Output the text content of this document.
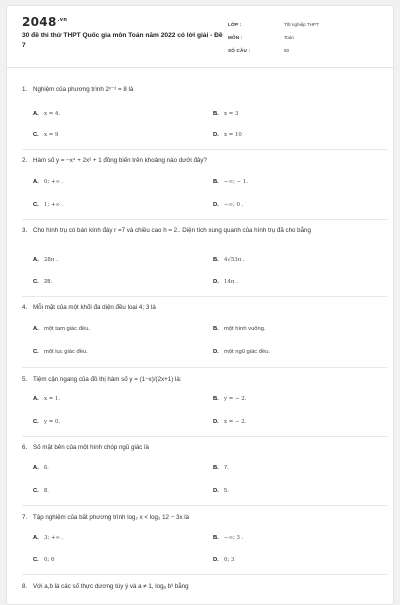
$2048^{.vn}$
30 đề thi thử THPT Quốc gia môn Toán năm 2022 có lời giải - Đề 7
LỚP :	Tốt nghiệp THPT
MÔN :	Toán
SỐ CÂU :	50
1. Nghiệm của phương trình 2ˣ⁻¹ = 8 là
A. x = 4.	B. x = 3
C. x = 9	D. x = 10
2. Hàm số y = −x⁴ + 2x² + 1 đồng biến trên khoảng nào dưới đây?
A. 0; +∞ .	B. −∞; − 1.
C. 1; +∞ .	D. −∞; 0 .
3. Cho hình trụ có bán kính đáy r =7 và chiều cao h = 2.. Diện tích xung quanh của hình trụ đã cho bằng
A. 28π .	B. 4√53π .
C. 28.	D. 14π .
4. Mỗi mặt của một khối đa diện đều loại 4; 3 là
A. một tam giác đều.	B. một hình vuông.
C. một lục giác đều.	D. một ngũ giác đều.
5. Tiệm cận ngang của đồ thị hàm số y = (1−x)/(2x+1) là:
A. x = 1.	B. y = − 2.
C. y = 0.	D. x = − 2.
6. Số mặt bên của một hình chóp ngũ giác là
A. 6.	B. 7.
C. 8.	D. 5.
7. Tập nghiệm của bất phương trình log₂ x < log₂ 12 − 3x là
A. 3; +∞ .	B. −∞; 3 .
C. 0; 6	D. 0; 3
8. Với a,b là các số thực dương tùy ý và a ≠ 1, logₐ b³ bằng
